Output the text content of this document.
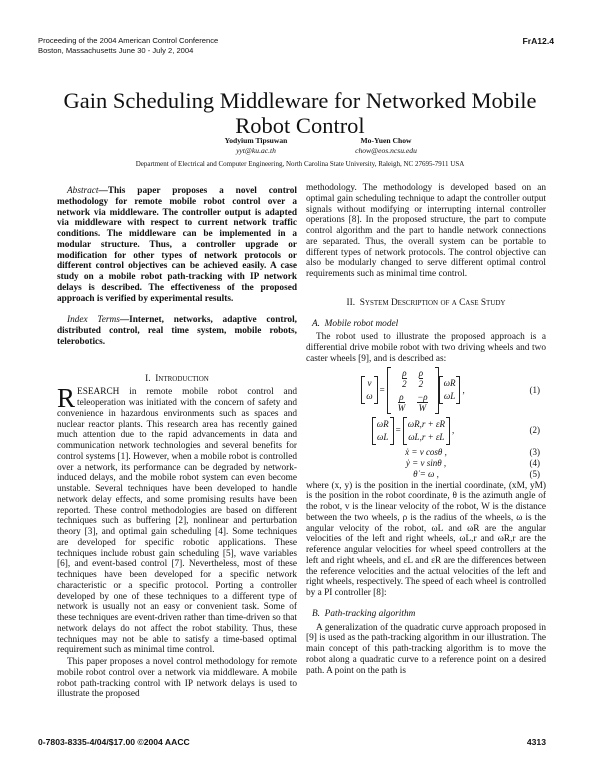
Proceeding of the 2004 American Control Conference
Boston, Massachusetts June 30 - July 2, 2004
FrA12.4
Gain Scheduling Middleware for Networked Mobile
Robot Control
Yodyium Tipsuwan
yyt@ku.ac.th
Mo-Yuen Chow
chow@eos.ncsu.edu
Department of Electrical and Computer Engineering, North Carolina State University, Raleigh, NC 27695-7911 USA

Abstract—This paper proposes a novel control methodology for remote mobile robot control over a network via middleware. The controller output is adapted via middleware with respect to current network traffic conditions. The middleware can be implemented in a modular structure. Thus, a controller upgrade or modification for other types of network protocols or different control objectives can be achieved easily. A case study on a mobile robot path-tracking with IP network delays is described. The effectiveness of the proposed approach is verified by experimental results.

Index Terms—Internet, networks, adaptive control, distributed control, real time system, mobile robots, telerobotics.

I. Introduction

RESEARCH in remote mobile robot control and teleoperation was initiated with the concern of safety and convenience in hazardous environments such as spaces and nuclear reactor plants. This research area has recently gained much attention due to the rapid advancements in data and communication network technologies and several benefits for control systems [1]. However, when a mobile robot is controlled over a network, its performance can be degraded by network-induced delays, and the mobile robot system can even become unstable. Several techniques have been developed to handle network delay effects, and some promising results have been reported. These control methodologies are based on different techniques such as buffering [2], nonlinear and perturbation theory [3], and optimal gain scheduling [4]. Some techniques are developed for specific robotic applications. These techniques include robust gain scheduling [5], wave variables [6], and event-based control [7]. Nevertheless, most of these techniques have been developed for a specific network characteristic or a specific protocol. Porting a controller developed by one of these techniques to a different type of network is usually not an easy or convenient task. Some of these techniques are event-driven rather than time-driven so that network delays do not affect the robot stability. Thus, these techniques may not be able to satisfy a time-based optimal requirement such as minimal time control.

This paper proposes a novel control methodology for remote mobile robot control over a network via middleware. A mobile robot path-tracking control with IP network delays is used to illustrate the proposed

methodology. The methodology is developed based on an optimal gain scheduling technique to adapt the controller output signals without modifying or interrupting internal controller operations [8]. In the proposed structure, the part to compute control algorithm and the part to handle network connections are separated. Thus, the overall system can be portable to different types of network protocols. The control objective can also be modularly changed to serve different optimal control requirements such as minimal time control.

II. System Description of a Case Study

A. Mobile robot model

The robot used to illustrate the proposed approach is a differential drive mobile robot with two driving wheels and two caster wheels [9], and is described as:

v
ω
=
$\frac{\rho}{2} \frac{\rho}{2}$
$\frac{\rho}{W} \frac{-\rho}{W}$
ωR
ωL
,	(1)
ωR
ωL
=
ωR,r + εR
ωL,r + εL
,	(2)
ẋ = v cosθ ,	(3)
ẏ = v sinθ ,	(4)
θ̇ = ω ,	(5)

where (x, y) is the position in the inertial coordinate, (xM, yM) is the position in the robot coordinate, θ is the azimuth angle of the robot, v is the linear velocity of the robot, W is the distance between the two wheels, ρ is the radius of the wheels, ω is the angular velocity of the robot, ωL and ωR are the angular velocities of the left and right wheels, ωL,r and ωR,r are the reference angular velocities for wheel speed controllers at the left and right wheels, and εL and εR are the differences between the reference velocities and the actual velocities of the left and right wheels, respectively. The speed of each wheel is controlled by a PI controller [8]:

B. Path-tracking algorithm

A generalization of the quadratic curve approach proposed in [9] is used as the path-tracking algorithm in our illustration. The main concept of this path-tracking algorithm is to move the robot along a quadratic curve to a reference point on a desired path. A point on the path is

0-7803-8335-4/04/$17.00 ©2004 AACC	4313
